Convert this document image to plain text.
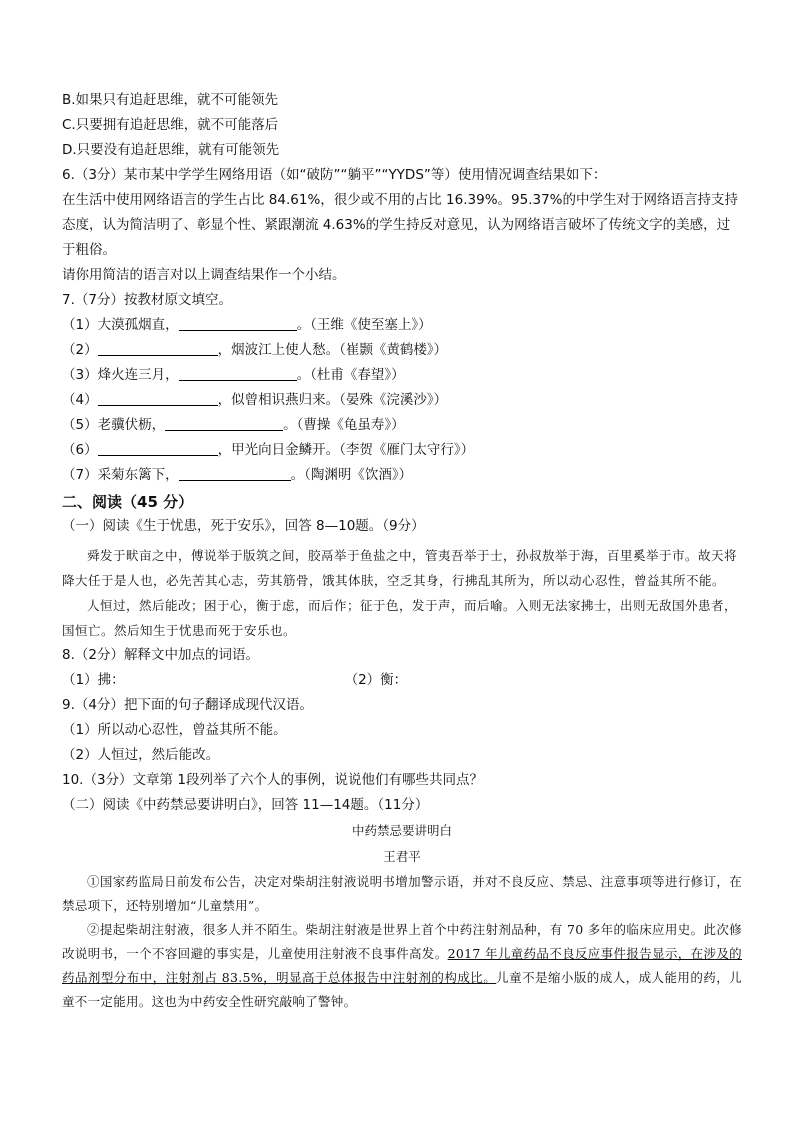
B.如果只有追赶思维，就不可能领先
C.只要拥有追赶思维，就不可能落后
D.只要没有追赶思维，就有可能领先
6.（3分）某市某中学学生网络用语（如“破防”“躺平”“YYDS”等）使用情况调查结果如下：
在生活中使用网络语言的学生占比 84.61%，很少或不用的占比 16.39%。95.37%的中学生对于网络语言持支持态度，认为简洁明了、彰显个性、紧跟潮流 4.63%的学生持反对意见，认为网络语言破坏了传统文字的美感，过于粗俗。
请你用简洁的语言对以上调查结果作一个小结。
7.（7分）按教材原文填空。
（1）大漠孤烟直，	。（王维《使至塞上》）
（2）	，烟波江上使人愁。（崔颢《黄鹤楼》）
（3）烽火连三月，	。（杜甫《春望》）
（4）	，似曾相识燕归来。（晏殊《浣溪沙》）
（5）老骥伏枥，	。（曹操《龟虽寿》）
（6）	，甲光向日金鳞开。（李贺《雁门太守行》）
（7）采菊东篱下，	。（陶渊明《饮酒》）
二、阅读（45 分）
（一）阅读《生于忧患，死于安乐》，回答 8—10题。（9分）
舜发于畎亩之中，傅说举于版筑之间，胶鬲举于鱼盐之中，管夷吾举于士，孙叔敖举于海，百里奚举于市。故天将降大任于是人也，必先苦其心志，劳其筋骨，饿其体肤，空乏其身，行拂乱其所为，所以动心忍性，曾益其所不能。
人恒过，然后能改；困于心，衡于虑，而后作；征于色，发于声，而后喻。入则无法家拂士，出则无敌国外患者，国恒亡。然后知生于忧患而死于安乐也。
8.（2分）解释文中加点的词语。
（1）拂：	（2）衡：
9.（4分）把下面的句子翻译成现代汉语。
（1）所以动心忍性，曾益其所不能。
（2）人恒过，然后能改。
10.（3分）文章第 1段列举了六个人的事例，说说他们有哪些共同点？
（二）阅读《中药禁忌要讲明白》，回答 11—14题。（11分）
中药禁忌要讲明白
王君平
①国家药监局日前发布公告，决定对柴胡注射液说明书增加警示语，并对不良反应、禁忌、注意事项等进行修订，在禁忌项下，还特别增加“儿童禁用”。
②提起柴胡注射液，很多人并不陌生。柴胡注射液是世界上首个中药注射剂品种，有 70 多年的临床应用史。此次修改说明书，一个不容回避的事实是，儿童使用注射液不良事件高发。2017 年儿童药品不良反应事件报告显示，在涉及的药品剂型分布中，注射剂占 83.5%，明显高于总体报告中注射剂的构成比。儿童不是缩小版的成人，成人能用的药，儿童不一定能用。这也为中药安全性研究敲响了警钟。
